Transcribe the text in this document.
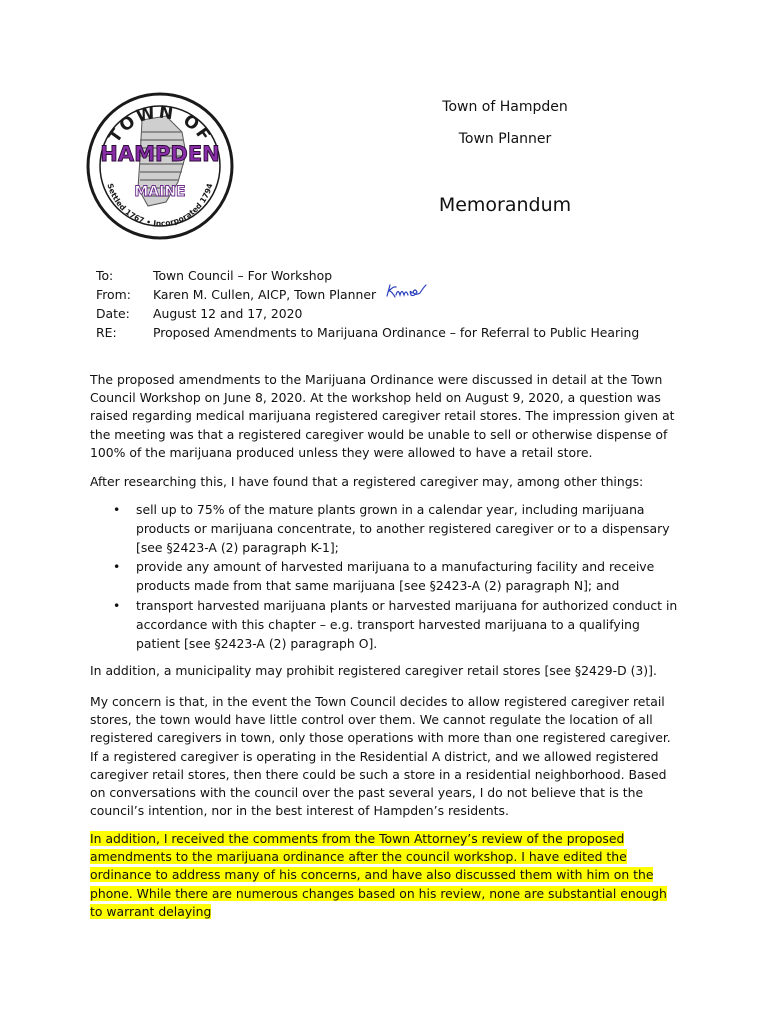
TOWN OF
HAMPDEN
MAINE
Settled 1767 • Incorporated 1794
Town of Hampden
Town Planner
Memorandum
To:	Town Council – For Workshop
From:	Karen M. Cullen, AICP, Town Planner
Date:	August 12 and 17, 2020
RE:	Proposed Amendments to Marijuana Ordinance – for Referral to Public Hearing
The proposed amendments to the Marijuana Ordinance were discussed in detail at the Town Council Workshop on June 8, 2020. At the workshop held on August 9, 2020, a question was raised regarding medical marijuana registered caregiver retail stores. The impression given at the meeting was that a registered caregiver would be unable to sell or otherwise dispense of 100% of the marijuana produced unless they were allowed to have a retail store.
After researching this, I have found that a registered caregiver may, among other things:
• sell up to 75% of the mature plants grown in a calendar year, including marijuana products or marijuana concentrate, to another registered caregiver or to a dispensary [see §2423-A (2) paragraph K-1];
• provide any amount of harvested marijuana to a manufacturing facility and receive products made from that same marijuana [see §2423-A (2) paragraph N]; and
• transport harvested marijuana plants or harvested marijuana for authorized conduct in accordance with this chapter – e.g. transport harvested marijuana to a qualifying patient [see §2423-A (2) paragraph O].
In addition, a municipality may prohibit registered caregiver retail stores [see §2429-D (3)].
My concern is that, in the event the Town Council decides to allow registered caregiver retail stores, the town would have little control over them. We cannot regulate the location of all registered caregivers in town, only those operations with more than one registered caregiver. If a registered caregiver is operating in the Residential A district, and we allowed registered caregiver retail stores, then there could be such a store in a residential neighborhood. Based on conversations with the council over the past several years, I do not believe that is the council’s intention, nor in the best interest of Hampden’s residents.
In addition, I received the comments from the Town Attorney’s review of the proposed amendments to the marijuana ordinance after the council workshop. I have edited the ordinance to address many of his concerns, and have also discussed them with him on the phone. While there are numerous changes based on his review, none are substantial enough to warrant delaying
